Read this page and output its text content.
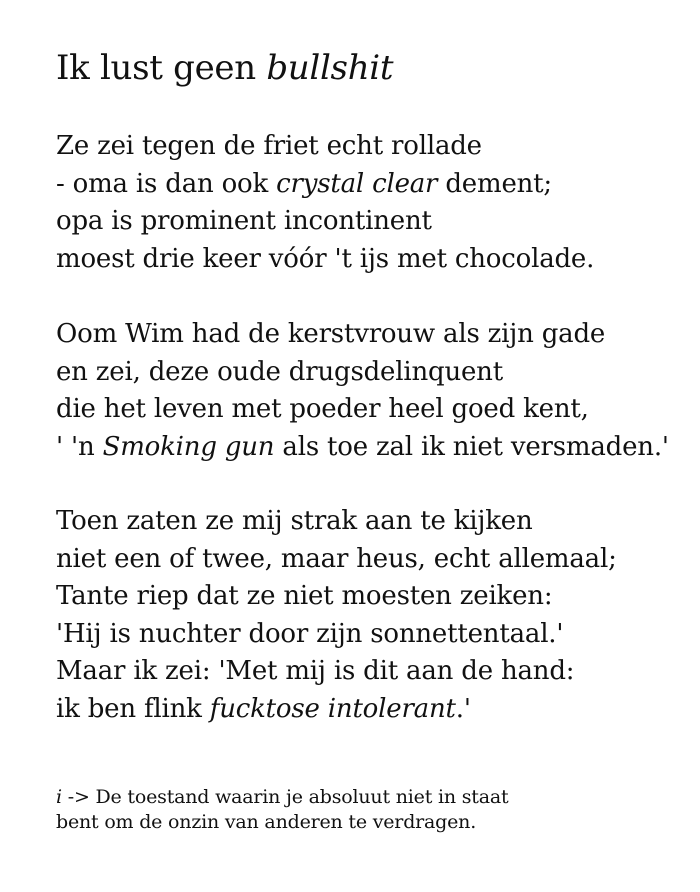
Ik lust geen bullshit
Ze zei tegen de friet echt rollade
- oma is dan ook crystal clear dement;
opa is prominent incontinent
moest drie keer vóór 't ijs met chocolade.
Oom Wim had de kerstvrouw als zijn gade
en zei, deze oude drugsdelinquent
die het leven met poeder heel goed kent,
' 'n Smoking gun als toe zal ik niet versmaden.'
Toen zaten ze mij strak aan te kijken
niet een of twee, maar heus, echt allemaal;
Tante riep dat ze niet moesten zeiken:
'Hij is nuchter door zijn sonnettentaal.'
Maar ik zei: 'Met mij is dit aan de hand:
ik ben flink fucktose intolerant.'
i -> De toestand waarin je absoluut niet in staat
bent om de onzin van anderen te verdragen.
